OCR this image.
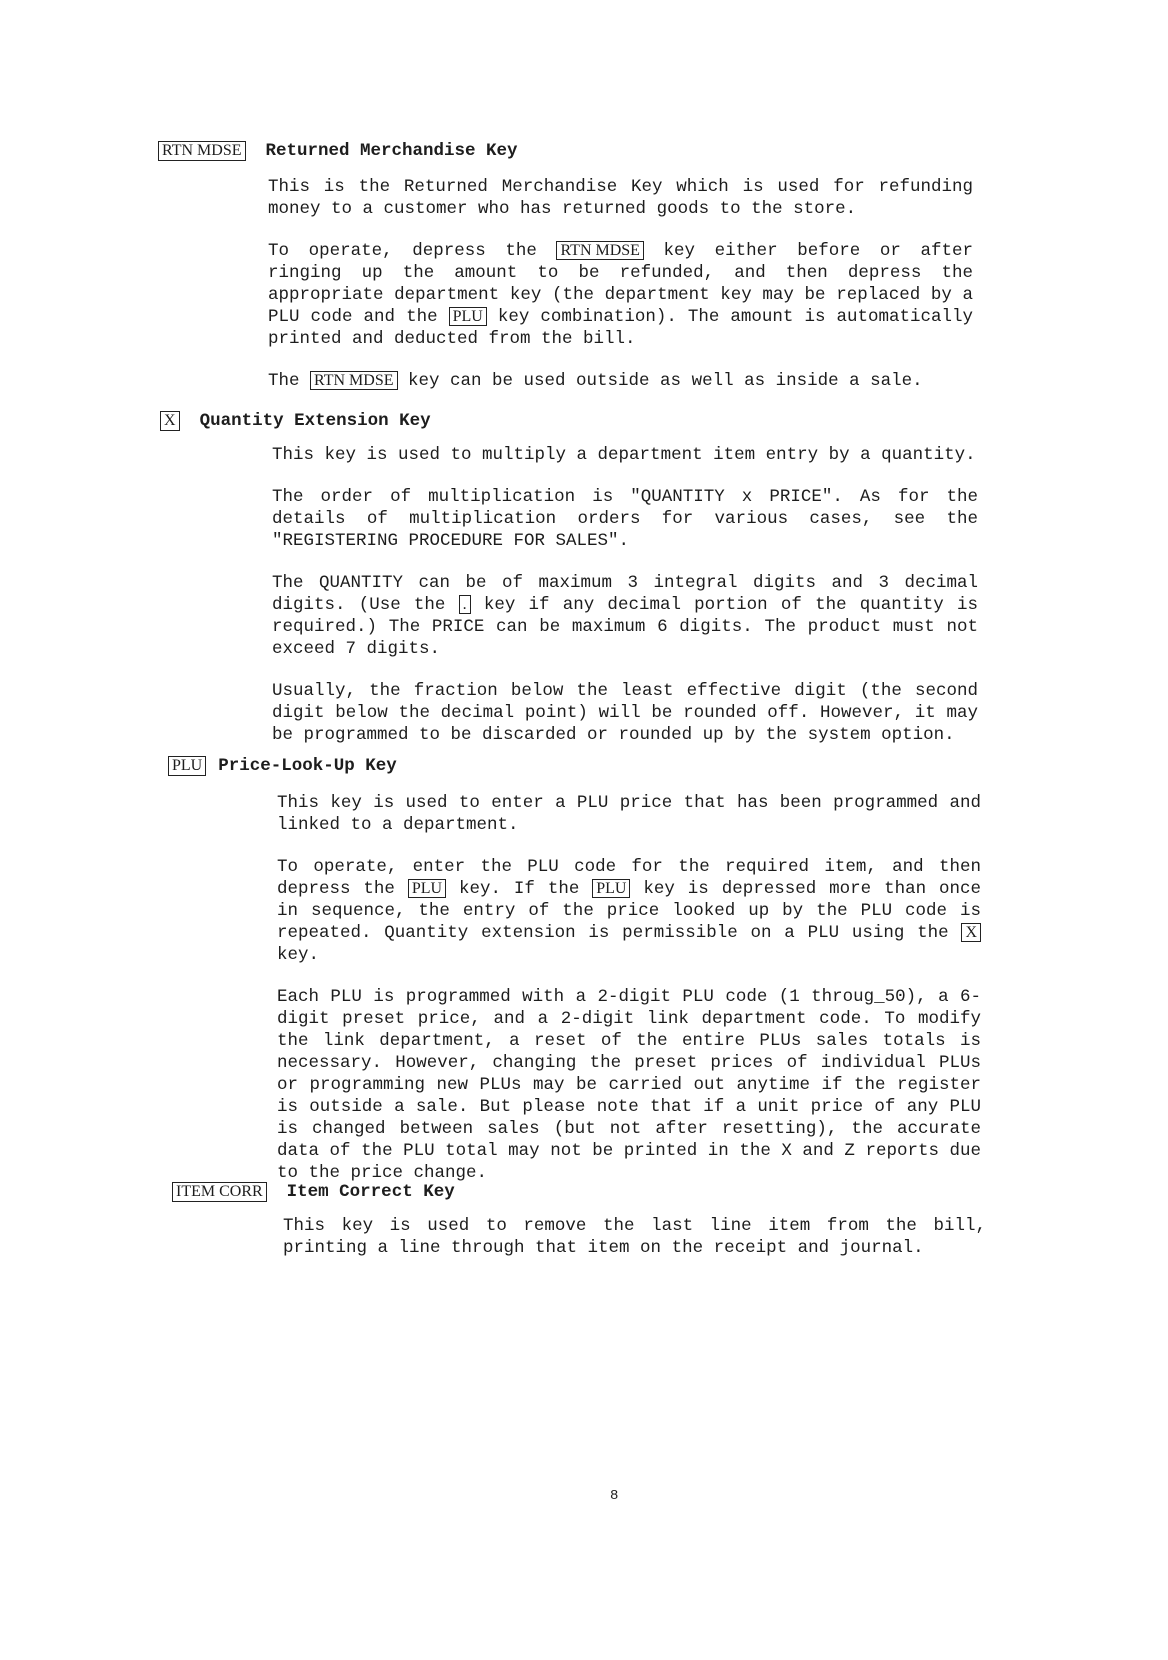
RTN MDSE Returned Merchandise Key

This is the Returned Merchandise Key which is used for refunding money to a customer who has returned goods to the store.

To operate, depress the RTN MDSE key either before or after ringing up the amount to be refunded, and then depress the appropriate department key (the department key may be replaced by a PLU code and the PLU key combination). The amount is automatically printed and deducted from the bill.

The RTN MDSE key can be used outside as well as inside a sale.

X Quantity Extension Key

This key is used to multiply a department item entry by a quantity.

The order of multiplication is "QUANTITY x PRICE". As for the details of multiplication orders for various cases, see the "REGISTERING PROCEDURE FOR SALES".

The QUANTITY can be of maximum 3 integral digits and 3 decimal digits. (Use the . key if any decimal portion of the quantity is required.) The PRICE can be maximum 6 digits. The product must not exceed 7 digits.

Usually, the fraction below the least effective digit (the second digit below the decimal point) will be rounded off. However, it may be programmed to be discarded or rounded up by the system option.

PLU Price-Look-Up Key

This key is used to enter a PLU price that has been programmed and linked to a department.

To operate, enter the PLU code for the required item, and then depress the PLU key. If the PLU key is depressed more than once in sequence, the entry of the price looked up by the PLU code is repeated. Quantity extension is permissible on a PLU using the X key.

Each PLU is programmed with a 2-digit PLU code (1 throug_50), a 6-digit preset price, and a 2-digit link department code. To modify the link department, a reset of the entire PLUs sales totals is necessary. However, changing the preset prices of individual PLUs or programming new PLUs may be carried out anytime if the register is outside a sale. But please note that if a unit price of any PLU is changed between sales (but not after resetting), the accurate data of the PLU total may not be printed in the X and Z reports due to the price change.

ITEM CORR Item Correct Key

This key is used to remove the last line item from the bill, printing a line through that item on the receipt and journal.

8
